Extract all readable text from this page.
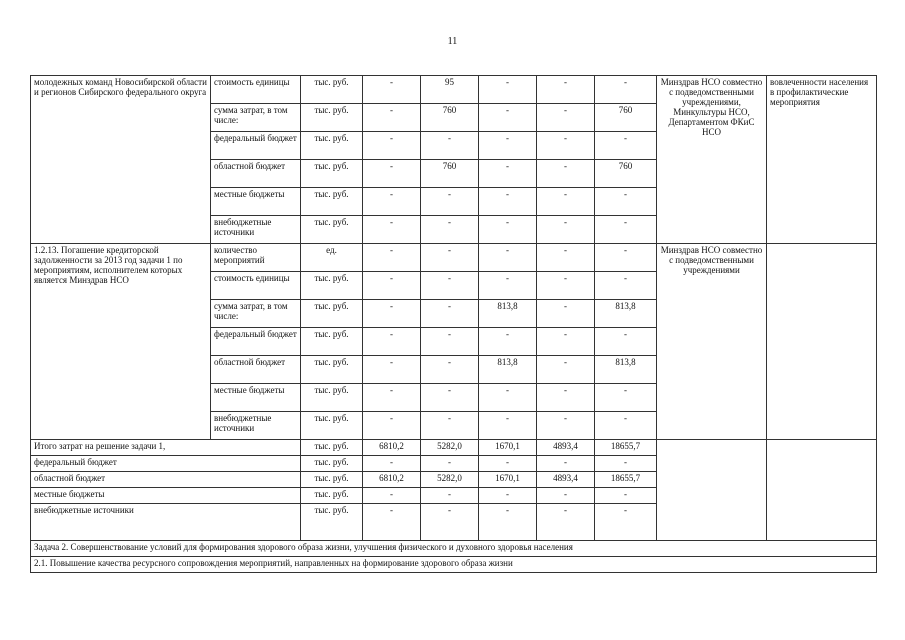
11
молодежных команд Новосибирской области и регионов Сибирского федерального округа	стоимость единицы	тыс. руб.	-	95	-	-	-	Минздрав НСО совместно с подведомственными учреждениями, Минкультуры НСО, Департаментом ФКиС НСО	вовлеченности населения в профилактические мероприятия
	сумма затрат, в том числе:	тыс. руб.	-	760	-	-	760		
	федеральный бюджет	тыс. руб.	-	-	-	-	-		
	областной бюджет	тыс. руб.	-	760	-	-	760		
	местные бюджеты	тыс. руб.	-	-	-	-	-		
	внебюджетные источники	тыс. руб.	-	-	-	-	-		
1.2.13. Погашение кредиторской задолженности за 2013 год задачи 1 по мероприятиям, исполнителем которых является Минздрав НСО	количество мероприятий	ед.	-	-	-	-	-	Минздрав НСО совместно с подведомственными учреждениями	
	стоимость единицы	тыс. руб.	-	-	-	-	-		
	сумма затрат, в том числе:	тыс. руб.	-	-	813,8	-	813,8		
	федеральный бюджет	тыс. руб.	-	-	-	-	-		
	областной бюджет	тыс. руб.	-	-	813,8	-	813,8		
	местные бюджеты	тыс. руб.	-	-	-	-	-		
	внебюджетные источники	тыс. руб.	-	-	-	-	-		
Итого затрат на решение задачи 1,		тыс. руб.	6810,2	5282,0	1670,1	4893,4	18655,7		
федеральный бюджет		тыс. руб.	-	-	-	-	-		
областной бюджет		тыс. руб.	6810,2	5282,0	1670,1	4893,4	18655,7		
местные бюджеты		тыс. руб.	-	-	-	-	-		
внебюджетные источники		тыс. руб.	-	-	-	-	-		
Задача 2. Совершенствование условий для формирования здорового образа жизни, улучшения физического и духовного здоровья населения									
2.1. Повышение качества ресурсного сопровождения мероприятий, направленных на формирование здорового образа жизни									
